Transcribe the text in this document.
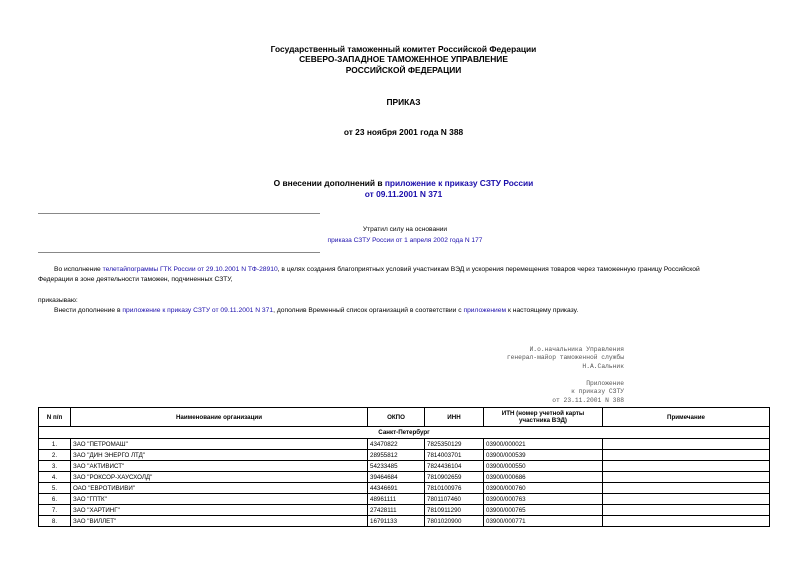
Государственный таможенный комитет Российской Федерации
СЕВЕРО-ЗАПАДНОЕ ТАМОЖЕННОЕ УПРАВЛЕНИЕ
РОССИЙСКОЙ ФЕДЕРАЦИИ
ПРИКАЗ
от 23 ноября 2001 года N 388
О внесении дополнений в приложение к приказу СЗТУ России
от 09.11.2001 N 371
Утратил силу на основании
приказа СЗТУ России от 1 апреля 2002 года N 177
Во исполнение телетайпограммы ГТК России от 29.10.2001 N ТФ-28910, в целях создания благоприятных условий участникам ВЭД и ускорения перемещения товаров через таможенную границу Российской
Федерации в зоне деятельности таможен, подчиненных СЗТУ,
приказываю:
Внести дополнение в приложение к приказу СЗТУ от 09.11.2001 N 371, дополнив Временный список организаций в соответствии с приложением к настоящему приказу.
И.о.начальника Управления
генерал-майор таможенной службы
Н.А.Сальник
Приложение
к приказу СЗТУ
от 23.11.2001 N 388
N п/п	Наименование организации	ОКПО	ИНН	ИТН (номер учетной карты
участника ВЭД)	Примечание
Санкт-Петербург					
1.	ЗАО "ПЕТРОМАШ"	43470822	7825350129	03900/000021	
2.	ЗАО "ДИН ЭНЕРГО ЛТД"	28955812	7814003701	03900/000539	
3.	ЗАО "АКТИВИСТ"	54233485	7824436104	03900/000550	
4.	ЗАО "РОКСОР-ХАУСХОЛД"	39464684	7810902659	03900/000686	
5.	ОАО "ЕВРОТИВИВИ"	44346691	7810100976	03900/000760	
6.	ЗАО "ГПТК"	48961111	7801107460	03900/000763	
7.	ЗАО "ХАРТИНГ"	27428111	7810911290	03900/000765	
8.	ЗАО "ВИЛЛЕТ"	16791133	7801020900	03900/000771	
